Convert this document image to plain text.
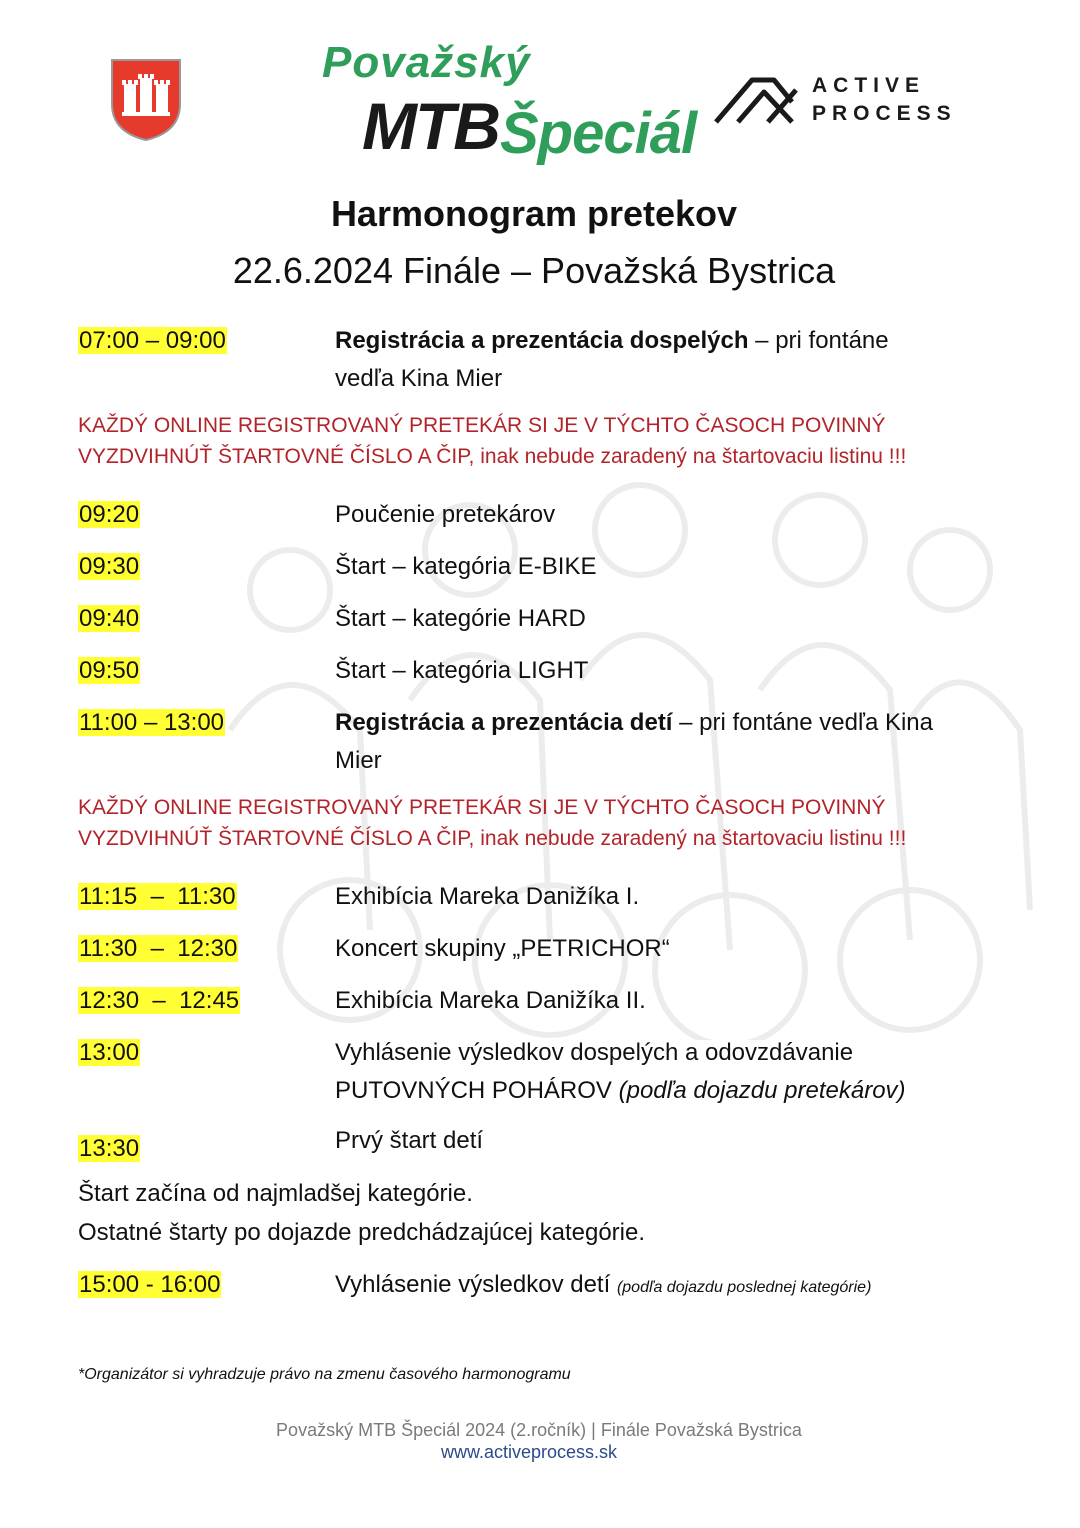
Považský
MTB Špeciál
ACTIVE
PROCESS
Harmonogram pretekov
22.6.2024 Finále – Považská Bystrica
07:00 – 09:00	Registrácia a prezentácia dospelých – pri fontáne
vedľa Kina Mier
KAŽDÝ ONLINE REGISTROVANÝ PRETEKÁR SI JE V TÝCHTO ČASOCH POVINNÝ
VYZDVIHNÚŤ ŠTARTOVNÉ ČÍSLO A ČIP, inak nebude zaradený na štartovaciu listinu !!!
09:20	Poučenie pretekárov
09:30	Štart – kategória E-BIKE
09:40	Štart – kategórie HARD
09:50	Štart – kategória LIGHT
11:00 – 13:00	Registrácia a prezentácia detí – pri fontáne vedľa Kina
Mier
KAŽDÝ ONLINE REGISTROVANÝ PRETEKÁR SI JE V TÝCHTO ČASOCH POVINNÝ
VYZDVIHNÚŤ ŠTARTOVNÉ ČÍSLO A ČIP, inak nebude zaradený na štartovaciu listinu !!!
11:15  –  11:30	Exhibícia Mareka Danižíka I.
11:30  –  12:30	Koncert skupiny „PETRICHOR“
12:30  –  12:45	Exhibícia Mareka Danižíka II.
13:00	Vyhlásenie výsledkov dospelých a odovzdávanie
PUTOVNÝCH POHÁROV (podľa dojazdu pretekárov)
13:30	Prvý štart detí
Štart začína od najmladšej kategórie.
Ostatné štarty po dojazde predchádzajúcej kategórie.
15:00 - 16:00	Vyhlásenie výsledkov detí (podľa dojazdu poslednej kategórie)
*Organizátor si vyhradzuje právo na zmenu časového harmonogramu
Považský MTB Špeciál 2024 (2.ročník) | Finále Považská Bystrica
www.activeprocess.sk
